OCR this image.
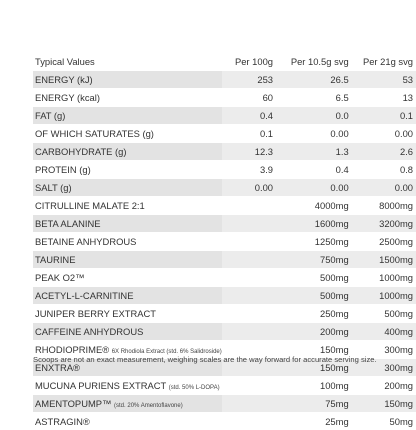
Typical Values	Per 100g	Per 10.5g svg	Per 21g svg
ENERGY (kJ)	253	26.5	53
ENERGY (kcal)	60	6.5	13
FAT (g)	0.4	0.0	0.1
OF WHICH SATURATES (g)	0.1	0.00	0.00
CARBOHYDRATE (g)	12.3	1.3	2.6
PROTEIN (g)	3.9	0.4	0.8
SALT (g)	0.00	0.00	0.00
CITRULLINE MALATE 2:1		4000mg	8000mg
BETA ALANINE		1600mg	3200mg
BETAINE ANHYDROUS		1250mg	2500mg
TAURINE		750mg	1500mg
PEAK O2™		500mg	1000mg
ACETYL-L-CARNITINE		500mg	1000mg
JUNIPER BERRY EXTRACT		250mg	500mg
CAFFEINE ANHYDROUS		200mg	400mg
RHODIOPRIME® 6X Rhodiola Extract (std. 6% Salidroside)		150mg	300mg
ENXTRA®		150mg	300mg
MUCUNA PURIENS EXTRACT (std. 50% L-DOPA)		100mg	200mg
AMENTOPUMP™ (std. 20% Amentoflavone)		75mg	150mg
ASTRAGIN®		25mg	50mg
Scoops are not an exact measurement, weighing scales are the way forward for accurate serving size.
